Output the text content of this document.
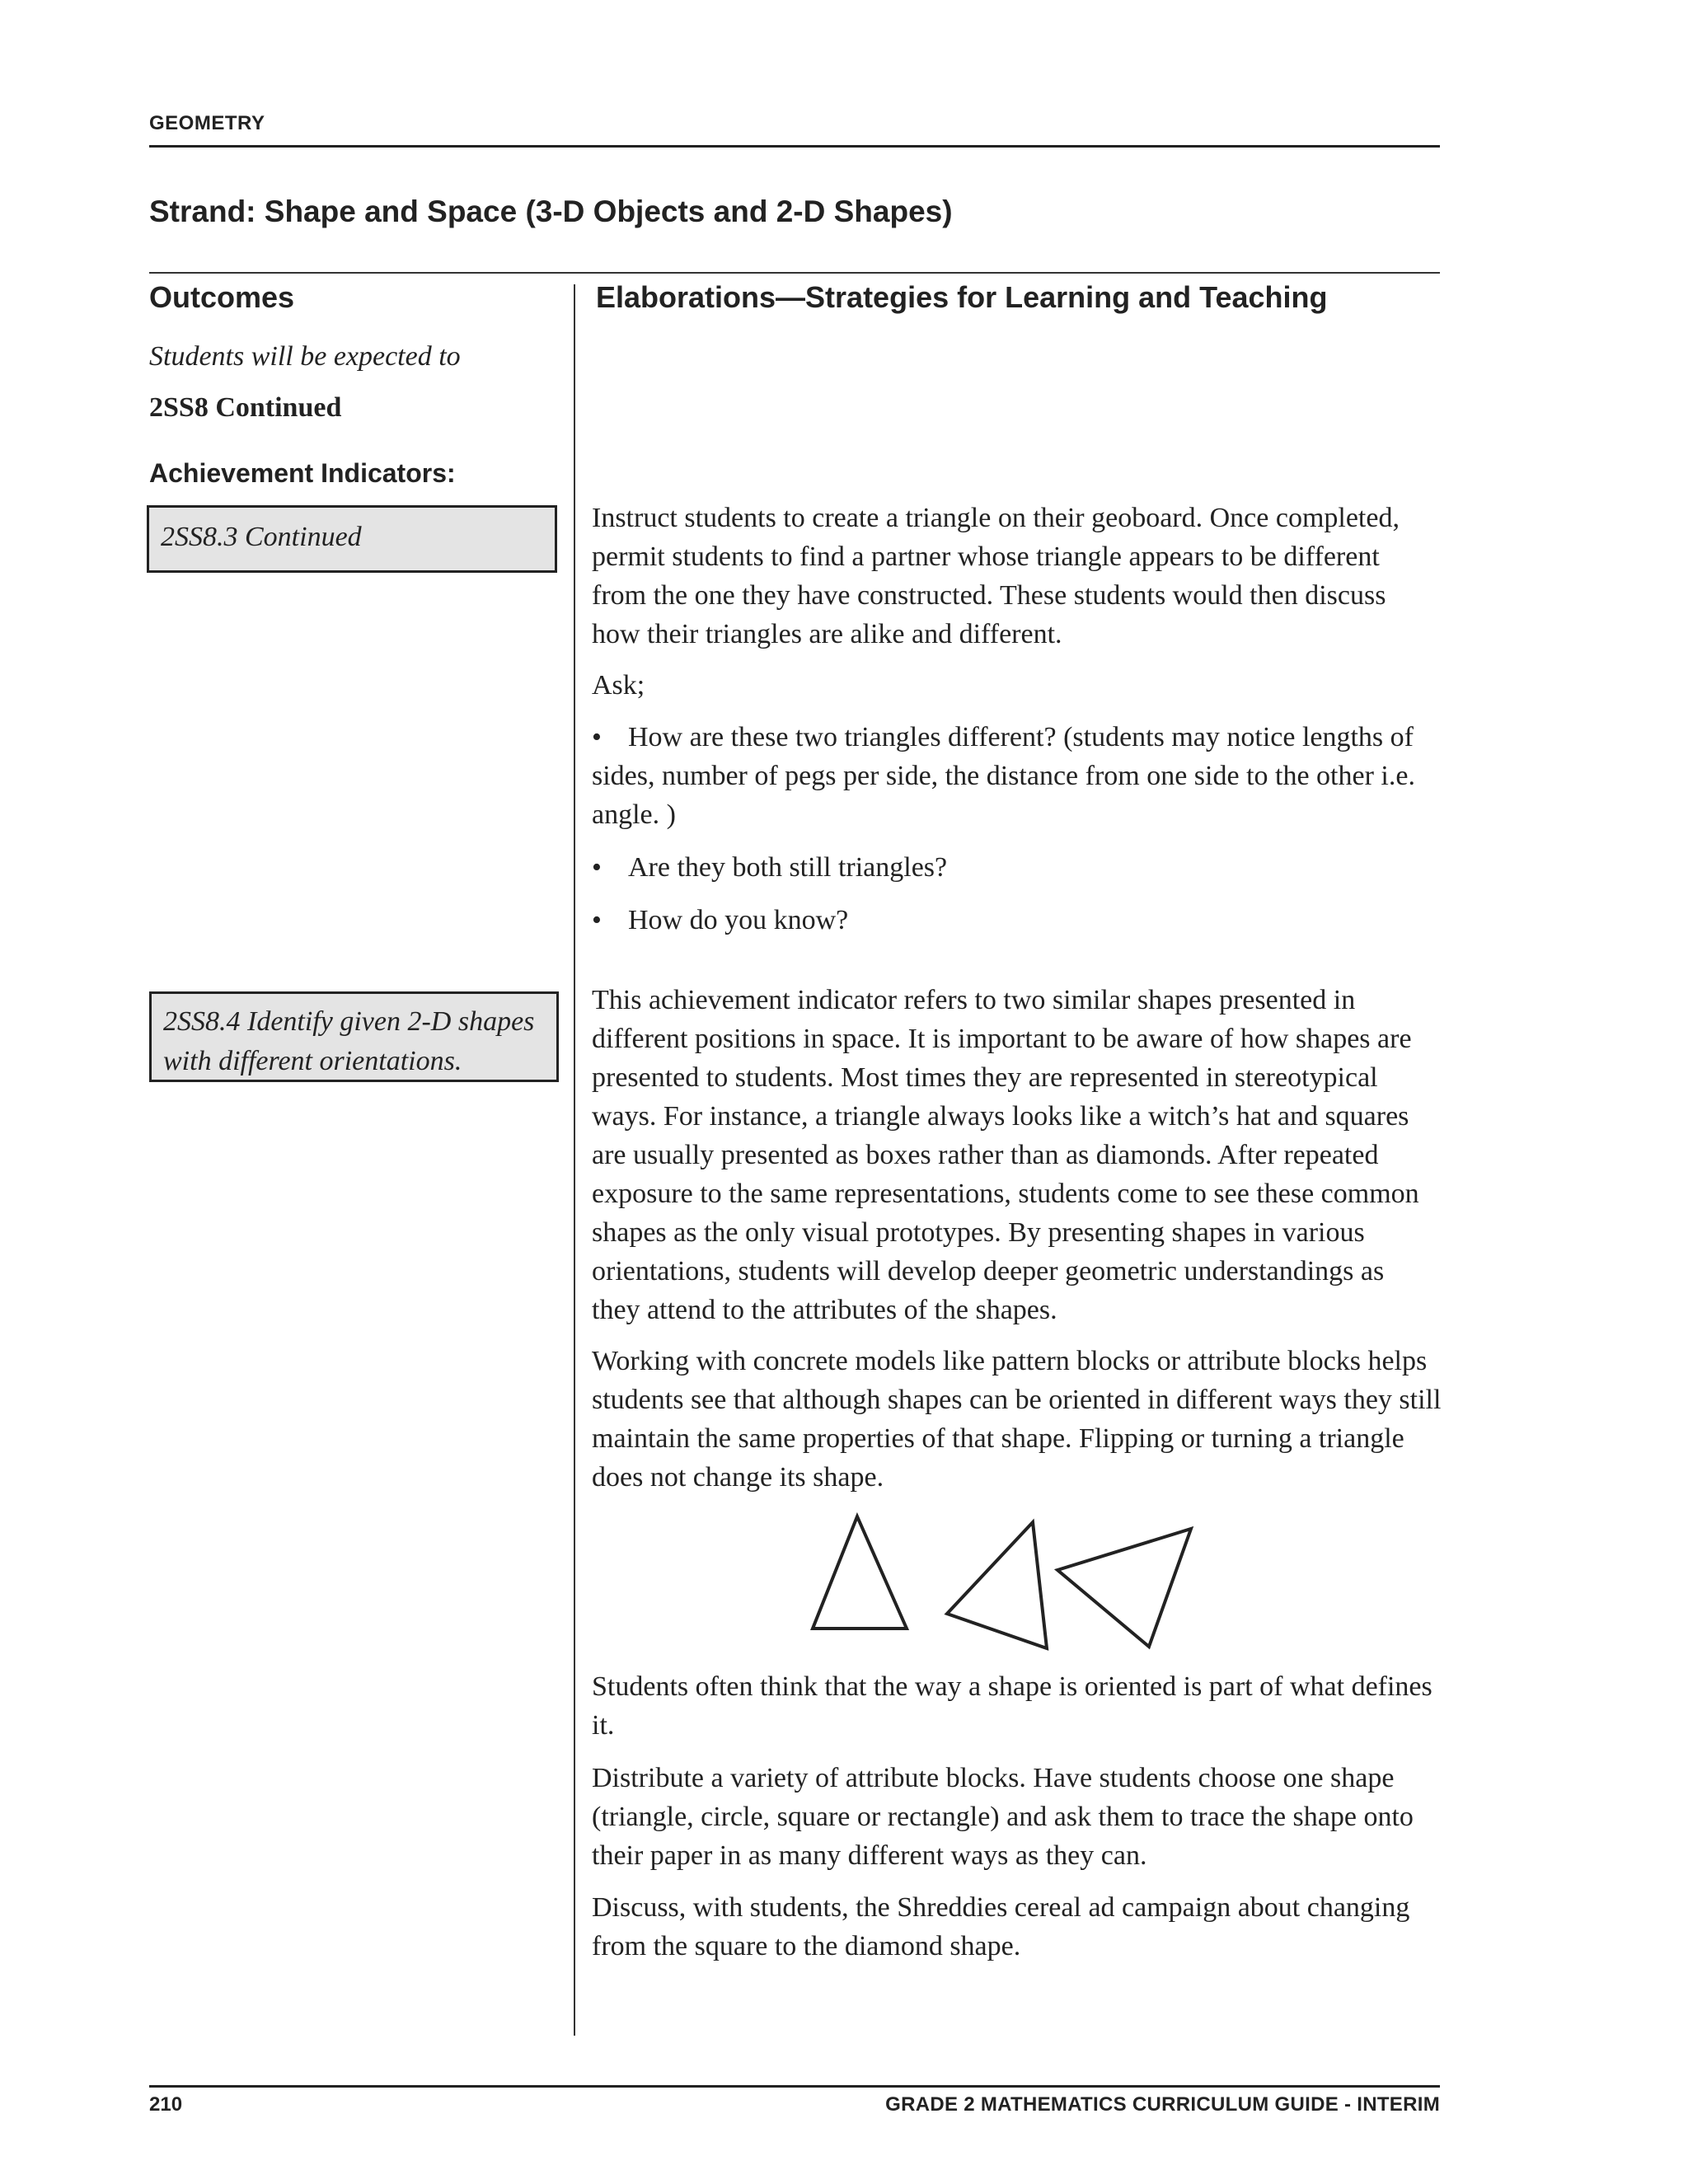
GEOMETRY
Strand: Shape and Space (3-D Objects and 2-D Shapes)
Outcomes	Elaborations—Strategies for Learning and Teaching
Students will be expected to
2SS8 Continued
Achievement Indicators:
2SS8.3 Continued
2SS8.4 Identify given 2-D shapes
with different orientations.

Instruct students to create a triangle on their geoboard. Once completed, permit students to find a partner whose triangle appears to be different from the one they have constructed. These students would then discuss how their triangles are alike and different.

Ask;

• How are these two triangles different? (students may notice lengths of sides, number of pegs per side, the distance from one side to the other i.e. angle. )
• Are they both still triangles?
• How do you know?

This achievement indicator refers to two similar shapes presented in different positions in space. It is important to be aware of how shapes are presented to students. Most times they are represented in stereotypical ways. For instance, a triangle always looks like a witch’s hat and squares are usually presented as boxes rather than as diamonds. After repeated exposure to the same representations, students come to see these common shapes as the only visual prototypes. By presenting shapes in various orientations, students will develop deeper geometric understandings as they attend to the attributes of the shapes.

Working with concrete models like pattern blocks or attribute blocks helps students see that although shapes can be oriented in different ways they still maintain the same properties of that shape. Flipping or turning a triangle does not change its shape.

Students often think that the way a shape is oriented is part of what defines it.

Distribute a variety of attribute blocks. Have students choose one shape (triangle, circle, square or rectangle) and ask them to trace the shape onto their paper in as many different ways as they can.

Discuss, with students, the Shreddies cereal ad campaign about changing from the square to the diamond shape.

210	GRADE 2 MATHEMATICS CURRICULUM GUIDE - INTERIM
